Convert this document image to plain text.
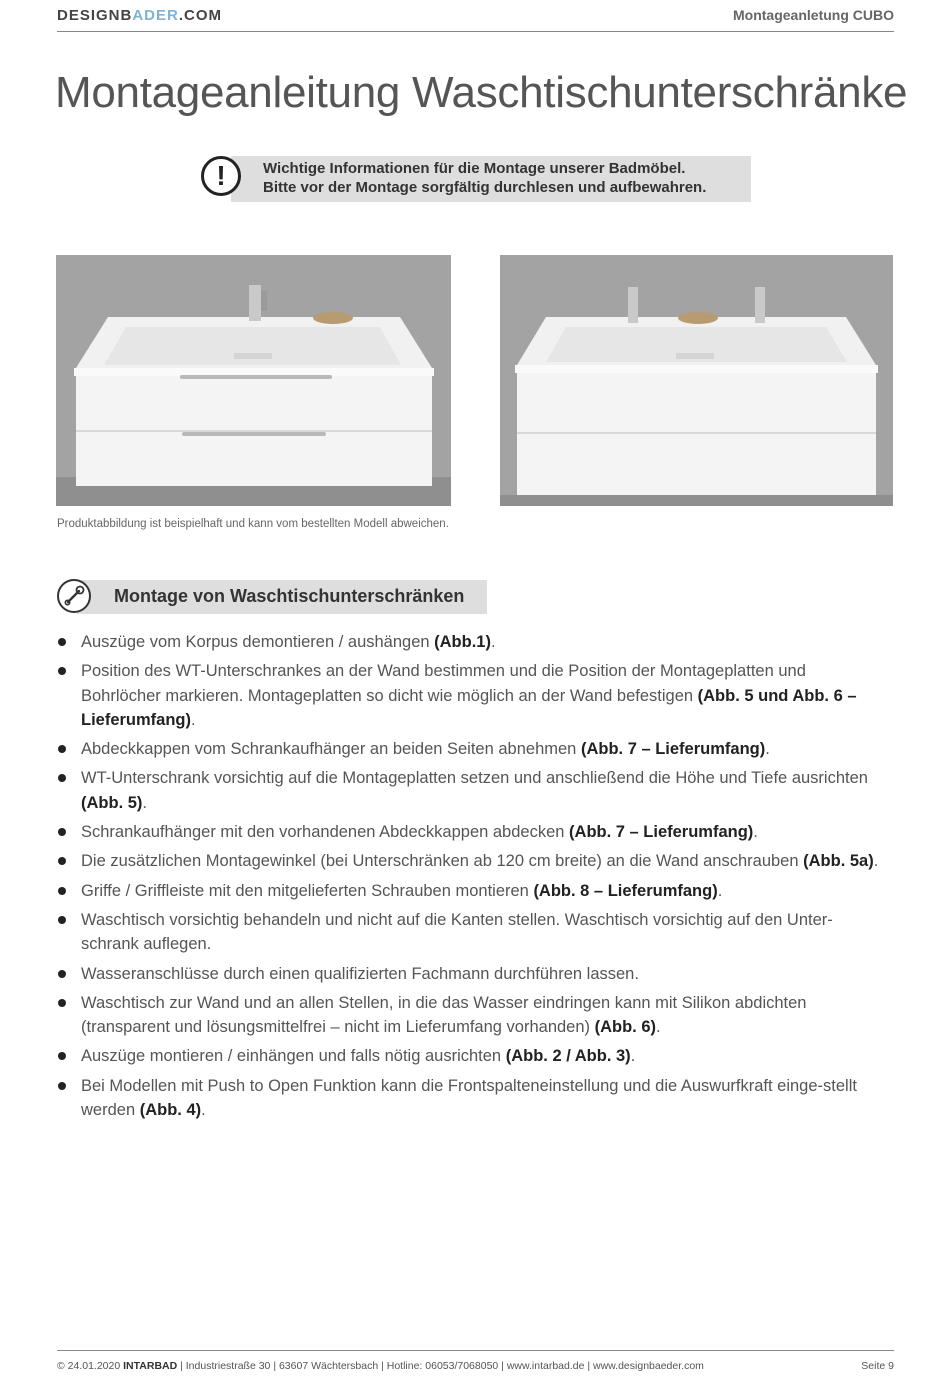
DESIGNBADER.COM	Montageanletung CUBO
Montageanleitung Waschtischunterschränke
!	Wichtige Informationen für die Montage unserer Badmöbel.
Bitte vor der Montage sorgfältig durchlesen und aufbewahren.
Produktabbildung ist beispielhaft und kann vom bestellten Modell abweichen.
Montage von Waschtischunterschränken
Auszüge vom Korpus demontieren / aushängen (Abb.1).
Position des WT-Unterschrankes an der Wand bestimmen und die Position der Montageplatten und Bohrlöcher markieren. Montageplatten so dicht wie möglich an der Wand befestigen (Abb. 5 und Abb. 6 – Lieferumfang).
Abdeckkappen vom Schrankaufhänger an beiden Seiten abnehmen (Abb. 7 – Lieferumfang).
WT-Unterschrank vorsichtig auf die Montageplatten setzen und anschließend die Höhe und Tiefe ausrichten (Abb. 5).
Schrankaufhänger mit den vorhandenen Abdeckkappen abdecken (Abb. 7 – Lieferumfang).
Die zusätzlichen Montagewinkel (bei Unterschränken ab 120 cm breite) an die Wand anschrauben (Abb. 5a).
Griffe / Griffleiste mit den mitgelieferten Schrauben montieren (Abb. 8 – Lieferumfang).
Waschtisch vorsichtig behandeln und nicht auf die Kanten stellen. Waschtisch vorsichtig auf den Unter-schrank auflegen.
Wasseranschlüsse durch einen qualifizierten Fachmann durchführen lassen.
Waschtisch zur Wand und an allen Stellen, in die das Wasser eindringen kann mit Silikon abdichten (transparent und lösungsmittelfrei – nicht im Lieferumfang vorhanden) (Abb. 6).
Auszüge montieren / einhängen und falls nötig ausrichten (Abb. 2 / Abb. 3).
Bei Modellen mit Push to Open Funktion kann die Frontspalteneinstellung und die Auswurfkraft einge-stellt werden (Abb. 4).
© 24.01.2020 INTARBAD | Industriestraße 30 | 63607 Wächtersbach | Hotline: 06053/7068050 | www.intarbad.de | www.designbaeder.com	Seite 9
